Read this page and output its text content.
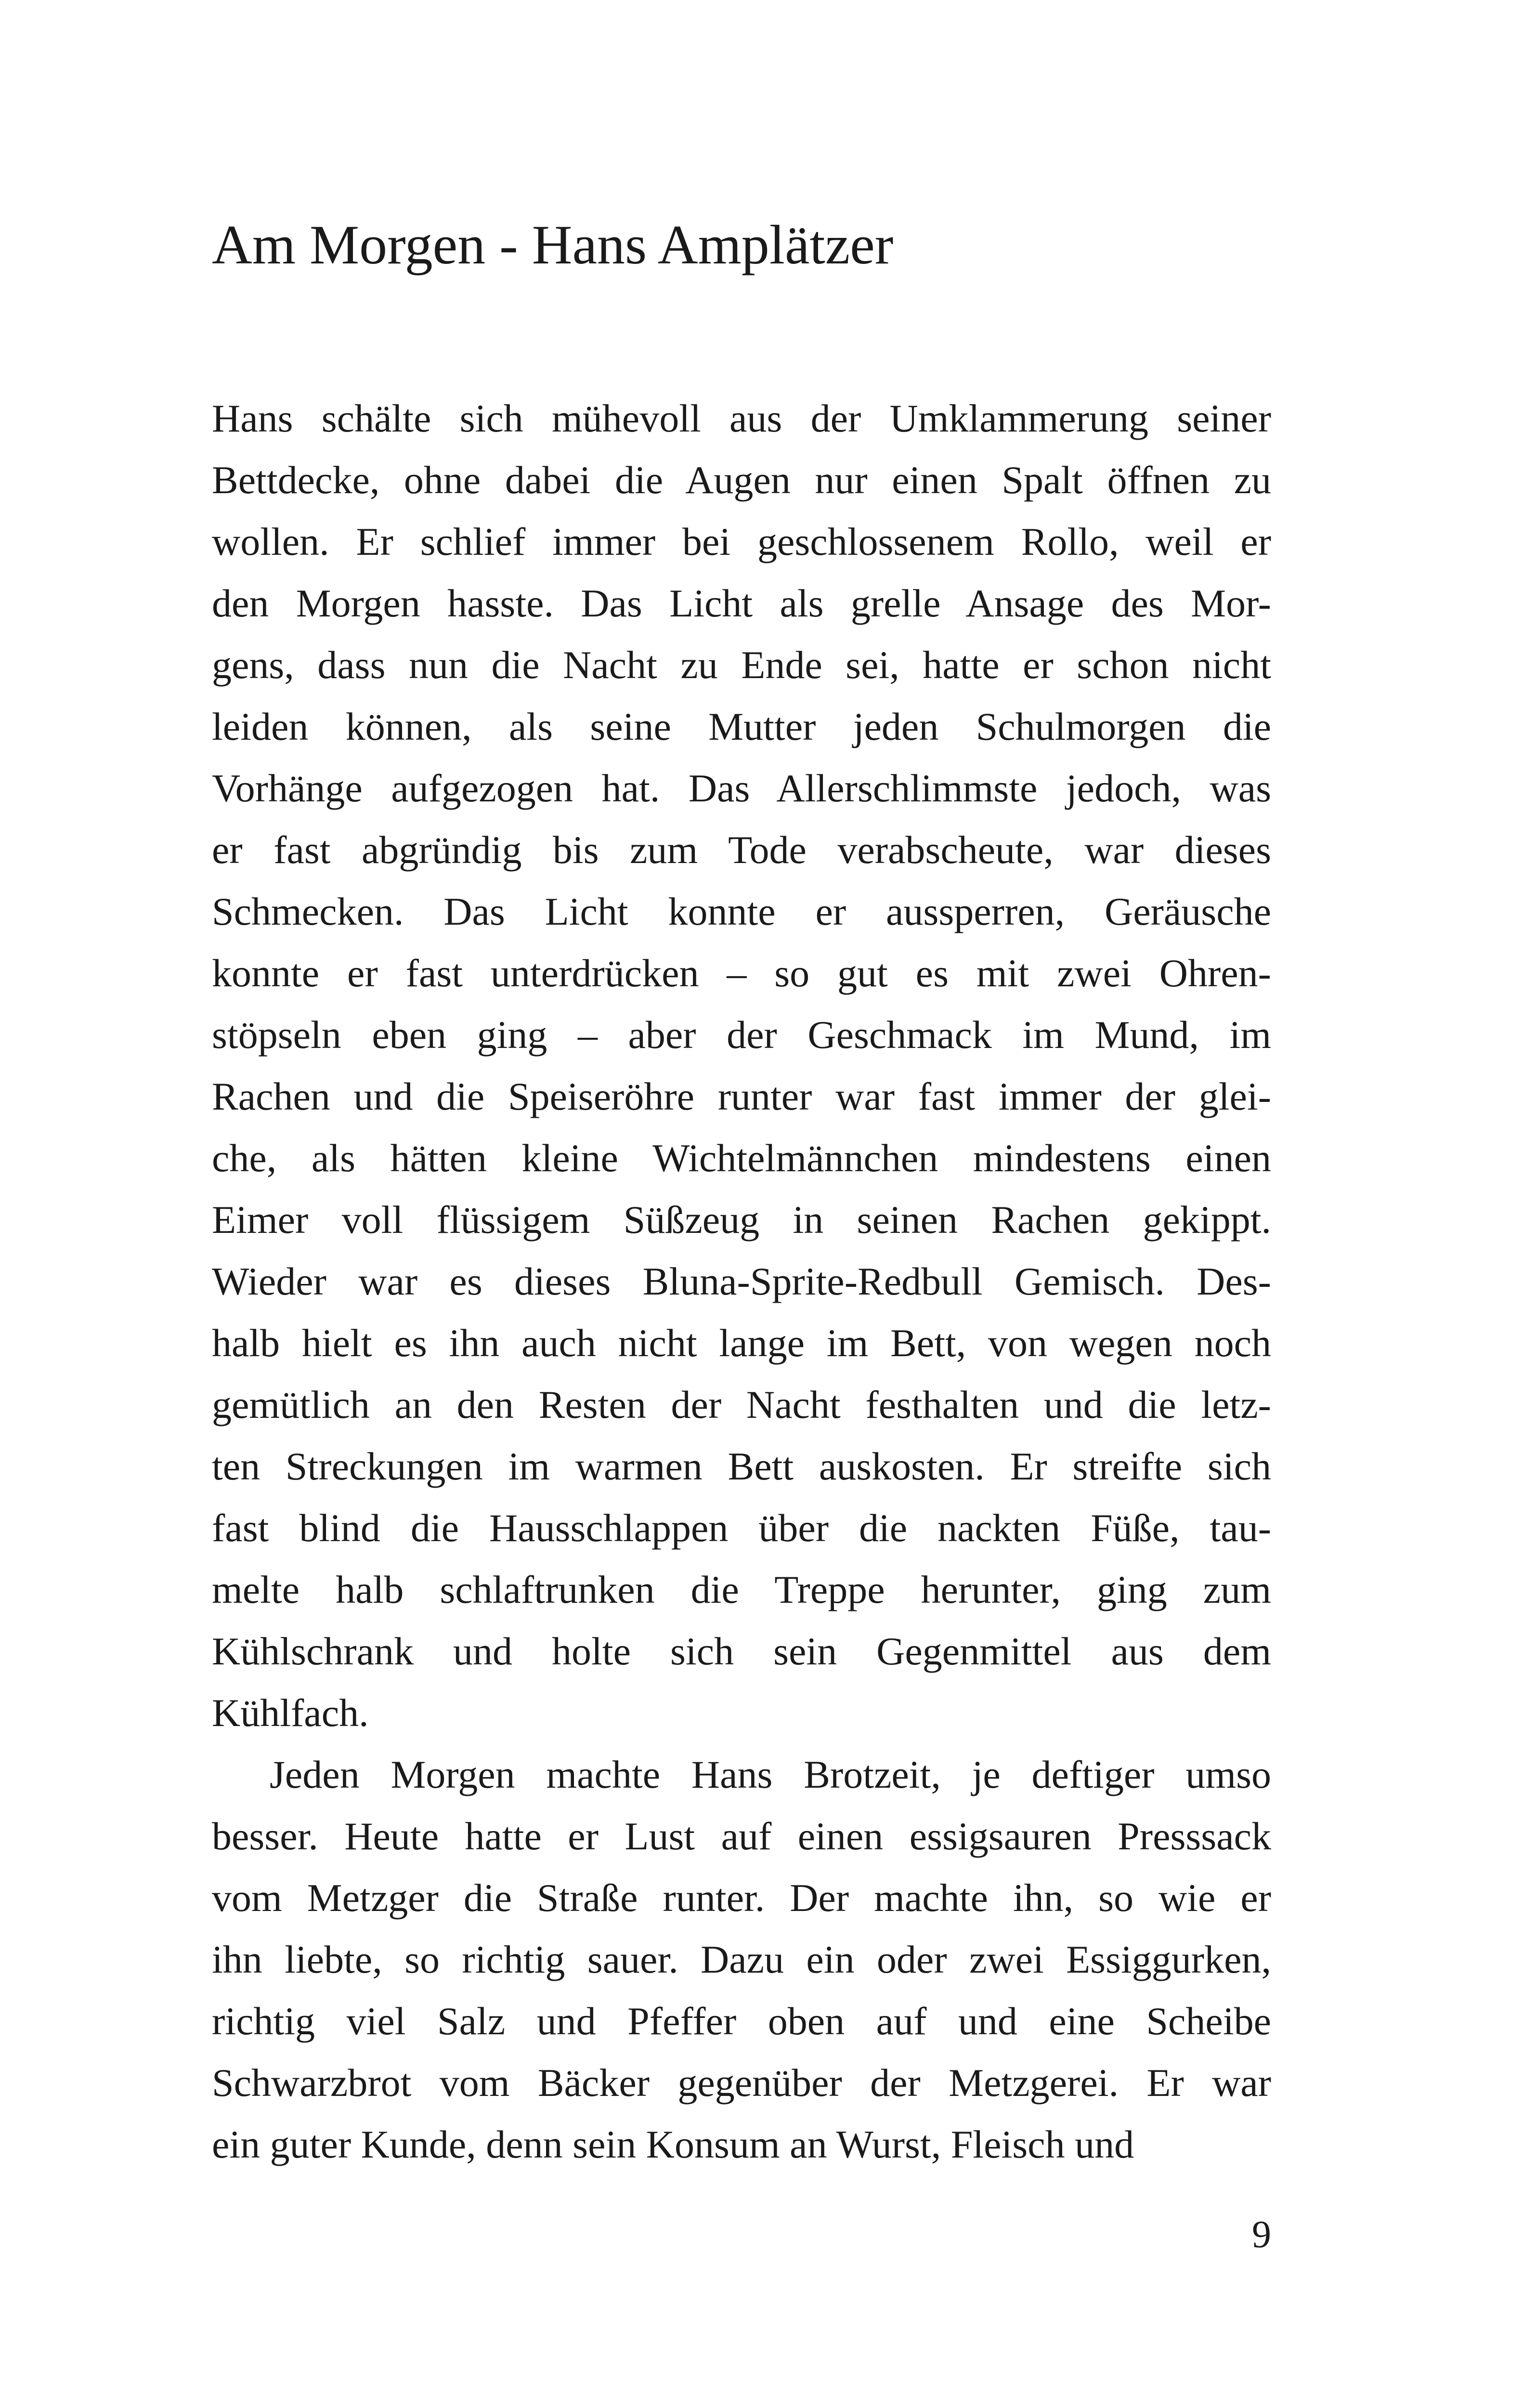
Am Morgen - Hans Amplätzer
Hans schälte sich mühevoll aus der Umklammerung seiner
Bettdecke, ohne dabei die Augen nur einen Spalt öffnen zu
wollen. Er schlief immer bei geschlossenem Rollo, weil er
den Morgen hasste. Das Licht als grelle Ansage des Mor-
gens, dass nun die Nacht zu Ende sei, hatte er schon nicht
leiden können, als seine Mutter jeden Schulmorgen die
Vorhänge aufgezogen hat. Das Allerschlimmste jedoch, was
er fast abgründig bis zum Tode verabscheute, war dieses
Schmecken. Das Licht konnte er aussperren, Geräusche
konnte er fast unterdrücken – so gut es mit zwei Ohren-
stöpseln eben ging – aber der Geschmack im Mund, im
Rachen und die Speiseröhre runter war fast immer der glei-
che, als hätten kleine Wichtelmännchen mindestens einen
Eimer voll flüssigem Süßzeug in seinen Rachen gekippt.
Wieder war es dieses Bluna-Sprite-Redbull Gemisch. Des-
halb hielt es ihn auch nicht lange im Bett, von wegen noch
gemütlich an den Resten der Nacht festhalten und die letz-
ten Streckungen im warmen Bett auskosten. Er streifte sich
fast blind die Hausschlappen über die nackten Füße, tau-
melte halb schlaftrunken die Treppe herunter, ging zum
Kühlschrank und holte sich sein Gegenmittel aus dem
Kühlfach.
Jeden Morgen machte Hans Brotzeit, je deftiger umso
besser. Heute hatte er Lust auf einen essigsauren Presssack
vom Metzger die Straße runter. Der machte ihn, so wie er
ihn liebte, so richtig sauer. Dazu ein oder zwei Essiggurken,
richtig viel Salz und Pfeffer oben auf und eine Scheibe
Schwarzbrot vom Bäcker gegenüber der Metzgerei. Er war
ein guter Kunde, denn sein Konsum an Wurst, Fleisch und
9
